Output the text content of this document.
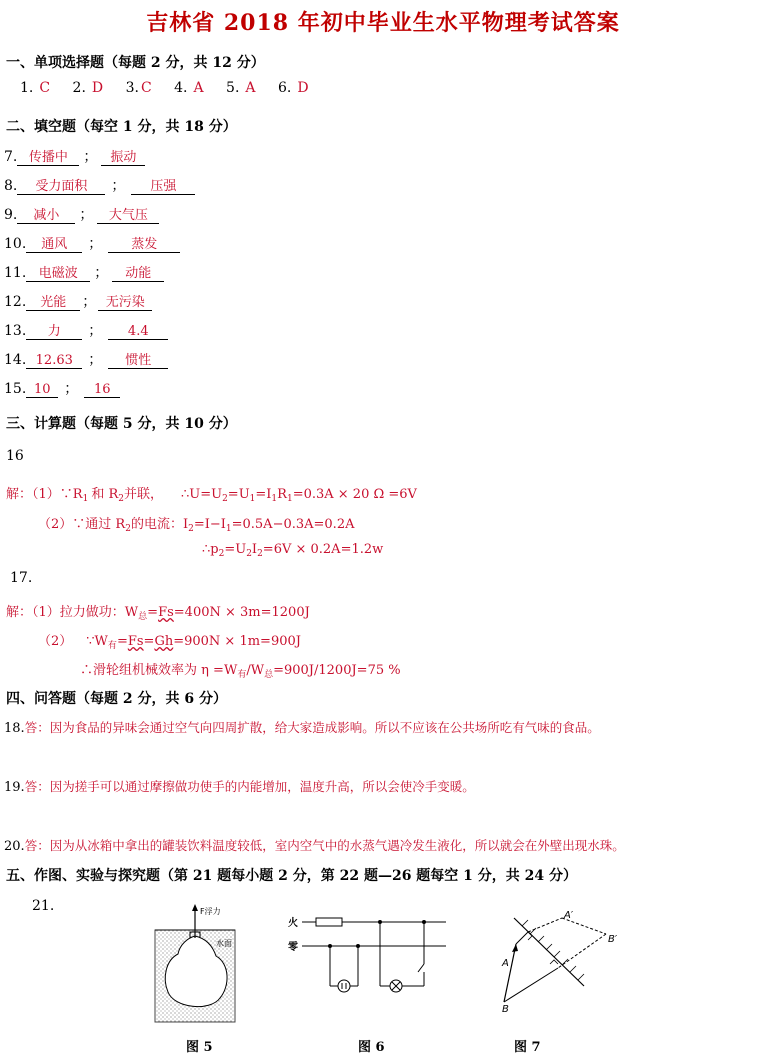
吉林省 2018 年初中毕业生水平物理考试答案
一、单项选择题（每题 2 分，共 12 分）
1. C 2. D 3. C 4. A 5. A 6. D
二、填空题（每空 1 分，共 18 分）
7. 传播中 ； 振动
8. 受力面积 ； 压强
9. 减小 ； 大气压
10. 通风 ； 蒸发
11. 电磁波 ； 动能
12. 光能 ； 无污染
13. 力 ； 4.4
14. 12.63 ； 惯性
15. 10 ； 16
三、计算题（每题 5 分，共 10 分）
16
解：$(1)\because R_1$ 和 $R_2$并联， $\therefore U=U_2=U_1=I_1R_1=0.3A \times 20$ Ω =6V
（2）∵通过 $R_2$的电流：$I_2=I-I_1=0.5A-0.3A=0.2A$
$\therefore p_2=U_2I_2=6V \times 0.2A=1.2w$
17.
解：（1）拉力做功：$W_总=Fs=400N \times 3m=1200J$
（2） $\because W_有=Fs=Gh=900N \times 1m=900J$
∴滑轮组机械效率为 $\eta =W_有/W_总=900J/1200J=75$ %
四、问答题（每题 2 分，共 6 分）
18.答：因为食品的异味会通过空气向四周扩散，给大家造成影响。所以不应该在公共场所吃有气味的食品。
19.答：因为搓手可以通过摩擦做功使手的内能增加，温度升高，所以会使冷手变暖。
20.答：因为从冰箱中拿出的罐装饮料温度较低，室内空气中的水蒸气遇冷发生液化，所以就会在外壁出现水珠。
五、作图、实验与探究题（第 21 题每小题 2 分，第 22 题—26 题每空 1 分，共 24 分）
21.	F浮力
水面
图 5
火
零
图 6
A′
B′
A
B
图 7
